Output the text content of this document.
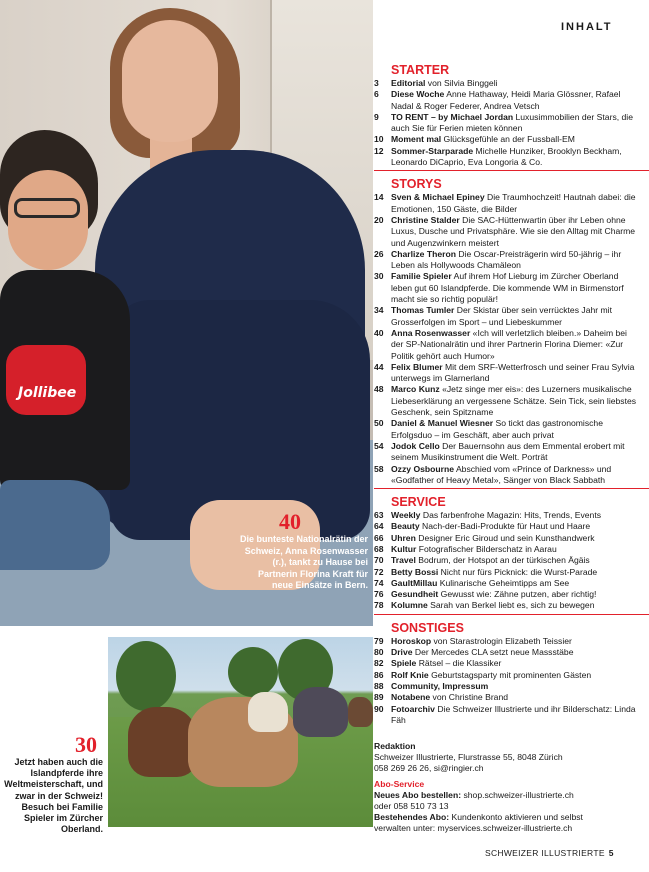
INHALT
Jollibee
40
Die bunteste Nationalrätin der Schweiz, Anna Rosenwasser (r.), tankt zu Hause bei Partnerin Florina Kraft für neue Einsätze in Bern.
30
Jetzt haben auch die Islandpferde ihre Weltmeisterschaft, und zwar in der Schweiz! Besuch bei Familie Spieler im Zürcher Oberland.
STARTER
3	Editorial von Silvia Binggeli
6	Diese Woche Anne Hathaway, Heidi Maria Glössner, Rafael Nadal & Roger Federer, Andrea Vetsch
9	TO RENT – by Michael Jordan Luxusimmobilien der Stars, die auch Sie für Ferien mieten können
10 Moment mal Glücksgefühle an der Fussball-EM
12 Sommer-Starparade Michelle Hunziker, Brooklyn Beckham, Leonardo DiCaprio, Eva Longoria & Co.
STORYS
14 Sven & Michael Epiney Die Traumhochzeit! Hautnah dabei: die Emotionen, 150 Gäste, die Bilder
20 Christine Stalder Die SAC-Hüttenwartin über ihr Leben ohne Luxus, Dusche und Privatsphäre. Wie sie den Alltag mit Charme und Augenzwinkern meistert
26 Charlize Theron Die Oscar-Preisträgerin wird 50-jährig – ihr Leben als Hollywoods Chamäleon
30 Familie Spieler Auf ihrem Hof Lieburg im Zürcher Oberland leben gut 60 Islandpferde. Die kommende WM in Birmenstorf macht sie so richtig populär!
34 Thomas Tumler Der Skistar über sein verrücktes Jahr mit Grosserfolgen im Sport – und Liebeskummer
40 Anna Rosenwasser «Ich will verletzlich bleiben.» Daheim bei der SP-Nationalrätin und ihrer Partnerin Florina Diemer: «Zur Politik gehört auch Humor»
44 Felix Blumer Mit dem SRF-Wetterfrosch und seiner Frau Sylvia unterwegs im Glarnerland
48 Marco Kunz «Jetz singe mer eis»: des Luzerners musikalische Liebeserklärung an vergessene Schätze. Sein Tick, sein liebstes Geschenk, sein Spitzname
50 Daniel & Manuel Wiesner So tickt das gastronomische Erfolgsduo – im Geschäft, aber auch privat
54 Jodok Cello Der Bauernsohn aus dem Emmental erobert mit seinem Musikinstrument die Welt. Porträt
58 Ozzy Osbourne Abschied vom «Prince of Darkness» und «Godfather of Heavy Metal», Sänger von Black Sabbath
SERVICE
63 Weekly Das farbenfrohe Magazin: Hits, Trends, Events
64 Beauty Nach-der-Badi-Produkte für Haut und Haare
66 Uhren Designer Eric Giroud und sein Kunsthandwerk
68 Kultur Fotografischer Bilderschatz in Aarau
70 Travel Bodrum, der Hotspot an der türkischen Ägäis
72 Betty Bossi Nicht nur fürs Picknick: die Wurst-Parade
74 GaultMillau Kulinarische Geheimtipps am See
76 Gesundheit Gewusst wie: Zähne putzen, aber richtig!
78 Kolumne Sarah van Berkel liebt es, sich zu bewegen
SONSTIGES
79 Horoskop von Starastrologin Elizabeth Teissier
80 Drive Der Mercedes CLA setzt neue Massstäbe
82 Spiele Rätsel – die Klassiker
86 Rolf Knie Geburtstagsparty mit prominenten Gästen
88 Community, Impressum
89 Notabene von Christine Brand
90 Fotoarchiv Die Schweizer Illustrierte und ihr Bilderschatz: Linda Fäh
Redaktion
Schweizer Illustrierte, Flurstrasse 55, 8048 Zürich
058 269 26 26, si@ringier.ch
Abo-Service
Neues Abo bestellen: shop.schweizer-illustrierte.ch
oder 058 510 73 13
Bestehendes Abo: Kundenkonto aktivieren und selbst verwalten unter: myservices.schweizer-illustrierte.ch
SCHWEIZER ILLUSTRIERTE 5
